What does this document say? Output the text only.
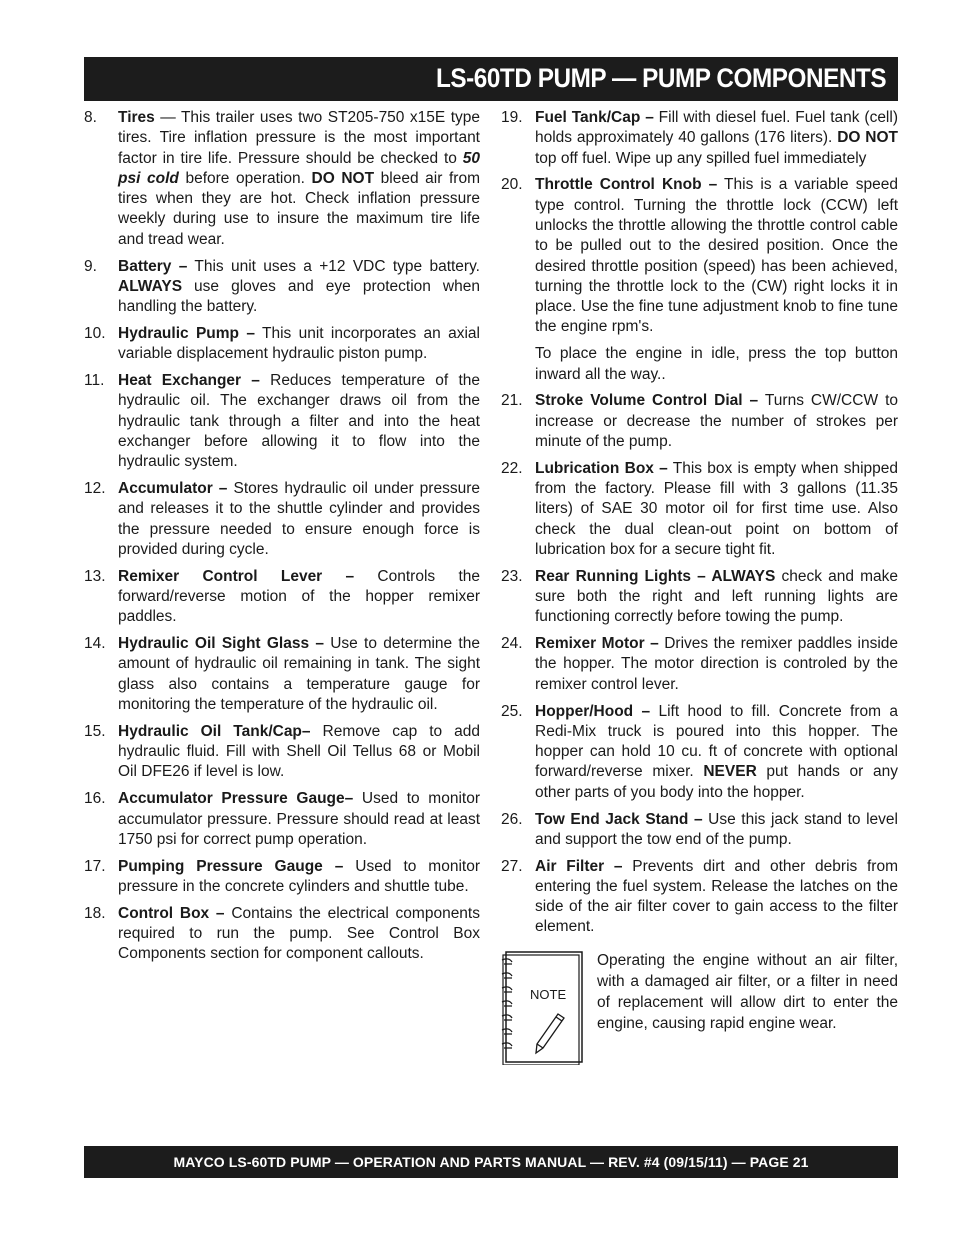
LS-60TD PUMP — PUMP COMPONENTS
8. Tires — This trailer uses two ST205-750 x15E type tires. Tire inflation pressure is the most important factor in tire life. Pressure should be checked to 50 psi cold before operation. DO NOT bleed air from tires when they are hot. Check inflation pressure weekly during use to insure the maximum tire life and tread wear.
9. Battery – This unit uses a +12 VDC type battery. ALWAYS use gloves and eye protection when handling the battery.
10. Hydraulic Pump – This unit incorporates an axial variable displacement hydraulic piston pump.
11. Heat Exchanger – Reduces temperature of the hydraulic oil. The exchanger draws oil from the hydraulic tank through a filter and into the heat exchanger before allowing it to flow into the hydraulic system.
12. Accumulator – Stores hydraulic oil under pressure and releases it to the shuttle cylinder and provides the pressure needed to ensure enough force is provided during cycle.
13. Remixer Control Lever – Controls the forward/reverse motion of the hopper remixer paddles.
14. Hydraulic Oil Sight Glass – Use to determine the amount of hydraulic oil remaining in tank. The sight glass also contains a temperature gauge for monitoring the temperature of the hydraulic oil.
15. Hydraulic Oil Tank/Cap– Remove cap to add hydraulic fluid. Fill with Shell Oil Tellus 68 or Mobil Oil DFE26 if level is low.
16. Accumulator Pressure Gauge– Used to monitor accumulator pressure. Pressure should read at least 1750 psi for correct pump operation.
17. Pumping Pressure Gauge – Used to monitor pressure in the concrete cylinders and shuttle tube.
18. Control Box – Contains the electrical components required to run the pump. See Control Box Components section for component callouts.
19. Fuel Tank/Cap – Fill with diesel fuel. Fuel tank (cell) holds approximately 40 gallons (176 liters). DO NOT top off fuel. Wipe up any spilled fuel immediately
20. Throttle Control Knob – This is a variable speed type control. Turning the throttle lock (CCW) left unlocks the throttle allowing the throttle control cable to be pulled out to the desired position. Once the desired throttle position (speed) has been achieved, turning the throttle lock to the (CW) right locks it in place. Use the fine tune adjustment knob to fine tune the engine rpm's.
To place the engine in idle, press the top button inward all the way..
21. Stroke Volume Control Dial – Turns CW/CCW to increase or decrease the number of strokes per minute of the pump.
22. Lubrication Box – This box is empty when shipped from the factory. Please fill with 3 gallons (11.35 liters) of SAE 30 motor oil for first time use. Also check the dual clean-out point on bottom of lubrication box for a secure tight fit.
23. Rear Running Lights – ALWAYS check and make sure both the right and left running lights are functioning correctly before towing the pump.
24. Remixer Motor – Drives the remixer paddles inside the hopper. The motor direction is controled by the remixer control lever.
25. Hopper/Hood – Lift hood to fill. Concrete from a Redi-Mix truck is poured into this hopper. The hopper can hold 10 cu. ft of concrete with optional forward/reverse mixer. NEVER put hands or any other parts of you body into the hopper.
26. Tow End Jack Stand – Use this jack stand to level and support the tow end of the pump.
27. Air Filter – Prevents dirt and other debris from entering the fuel system. Release the latches on the side of the air filter cover to gain access to the filter element.
NOTE
Operating the engine without an air filter, with a damaged air filter, or a filter in need of replacement will allow dirt to enter the engine, causing rapid engine wear.
MAYCO LS-60TD PUMP — OPERATION AND PARTS MANUAL — REV. #4 (09/15/11) — PAGE 21
